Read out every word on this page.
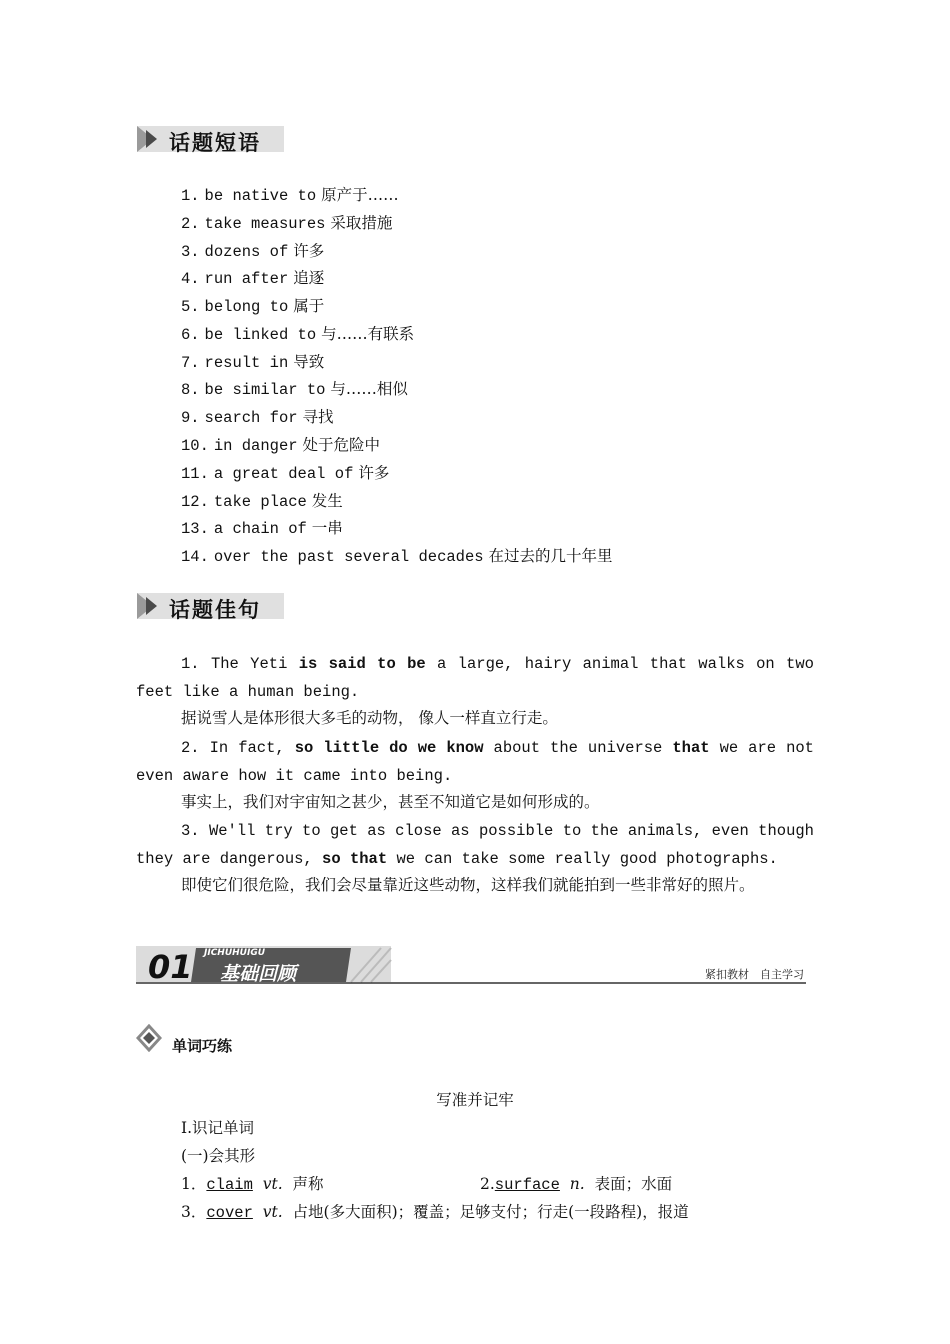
话题短语
1. be native to 原产于……
2. take measures 采取措施
3. dozens of 许多
4. run after 追逐
5. belong to 属于
6. be linked to 与……有联系
7. result in 导致
8. be similar to 与……相似
9. search for 寻找
10. in danger 处于危险中
11. a great deal of 许多
12. take place 发生
13. a chain of 一串
14. over the past several decades 在过去的几十年里
话题佳句
1. The Yeti is said to be a large, hairy animal that walks on two feet like a human being.
据说雪人是体形很大多毛的动物， 像人一样直立行走。
2. In fact, so little do we know about the universe that we are not even aware how it came into being.
事实上，我们对宇宙知之甚少，甚至不知道它是如何形成的。
3. We'll try to get as close as possible to the animals, even though they are dangerous, so that we can take some really good photographs.
即使它们很危险，我们会尽量靠近这些动物，这样我们就能拍到一些非常好的照片。
01 JICHUHUIGU
基础回顾	紧扣教材　自主学习
单词巧练
写准并记牢
Ⅰ.识记单词
(一)会其形
1．claim vt. 声称	2.surface n. 表面；水面
3．cover vt. 占地(多大面积)；覆盖；足够支付；行走(一段路程)，报道
